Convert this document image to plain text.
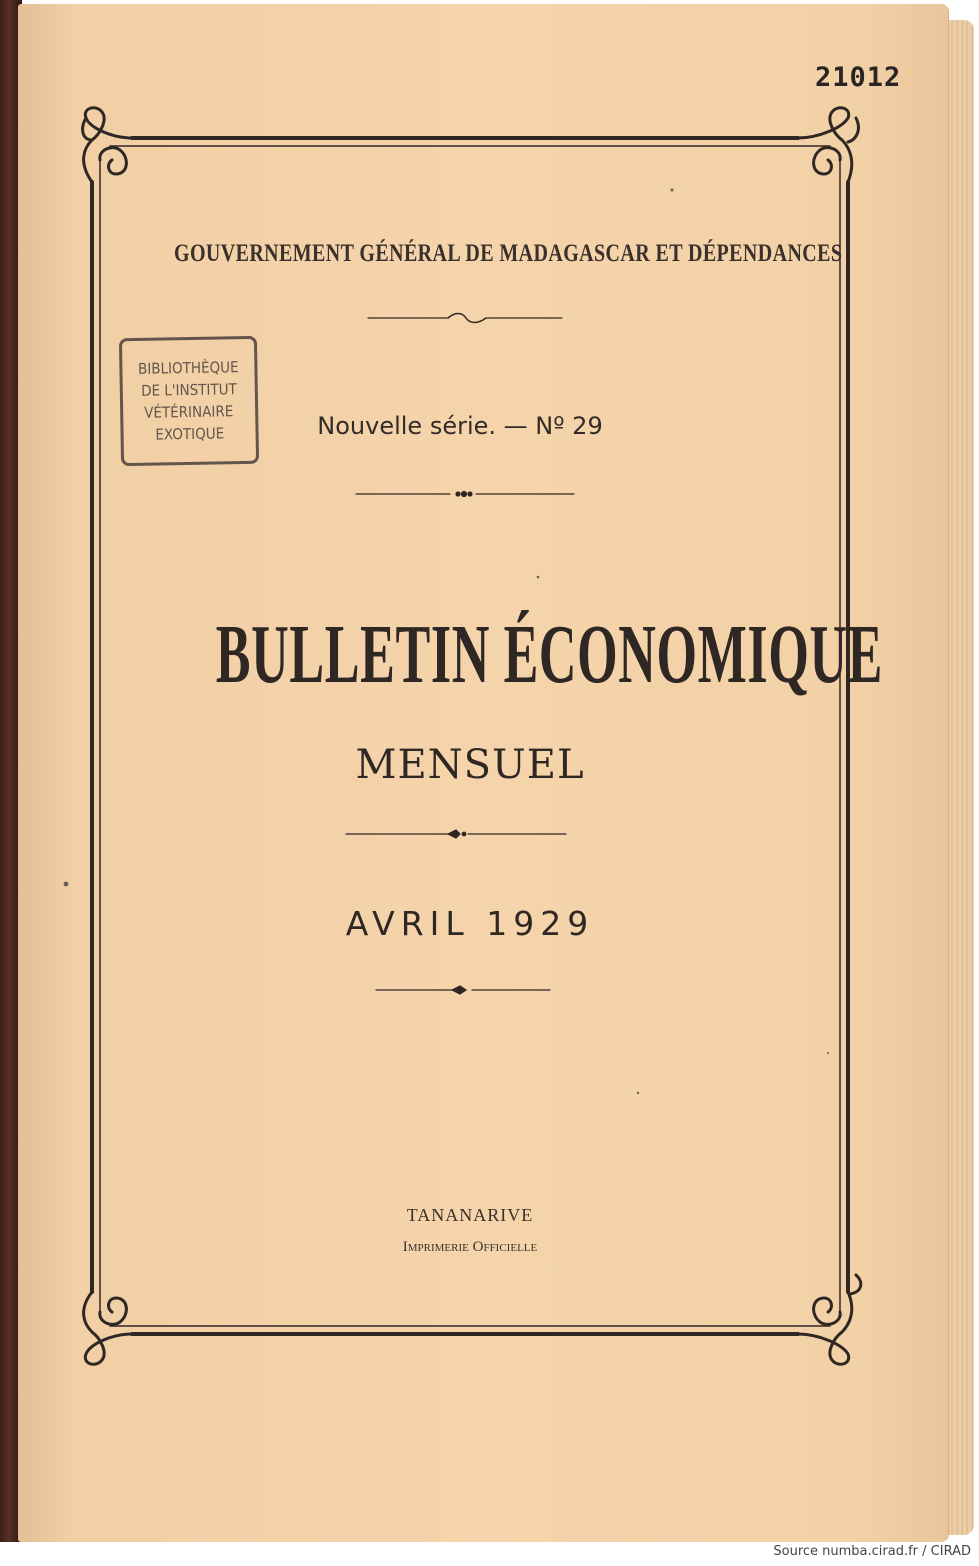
21012
GOUVERNEMENT GÉNÉRAL DE MADAGASCAR ET DÉPENDANCES
BIBLIOTHÈQUE
DE L'INSTITUT
VÉTÉRINAIRE
EXOTIQUE	Nouvelle série. — Nº 29
BULLETIN ÉCONOMIQUE
MENSUEL
AVRIL 1929
TANANARIVE
Imprimerie Officielle
Source numba.cirad.fr / CIRAD
